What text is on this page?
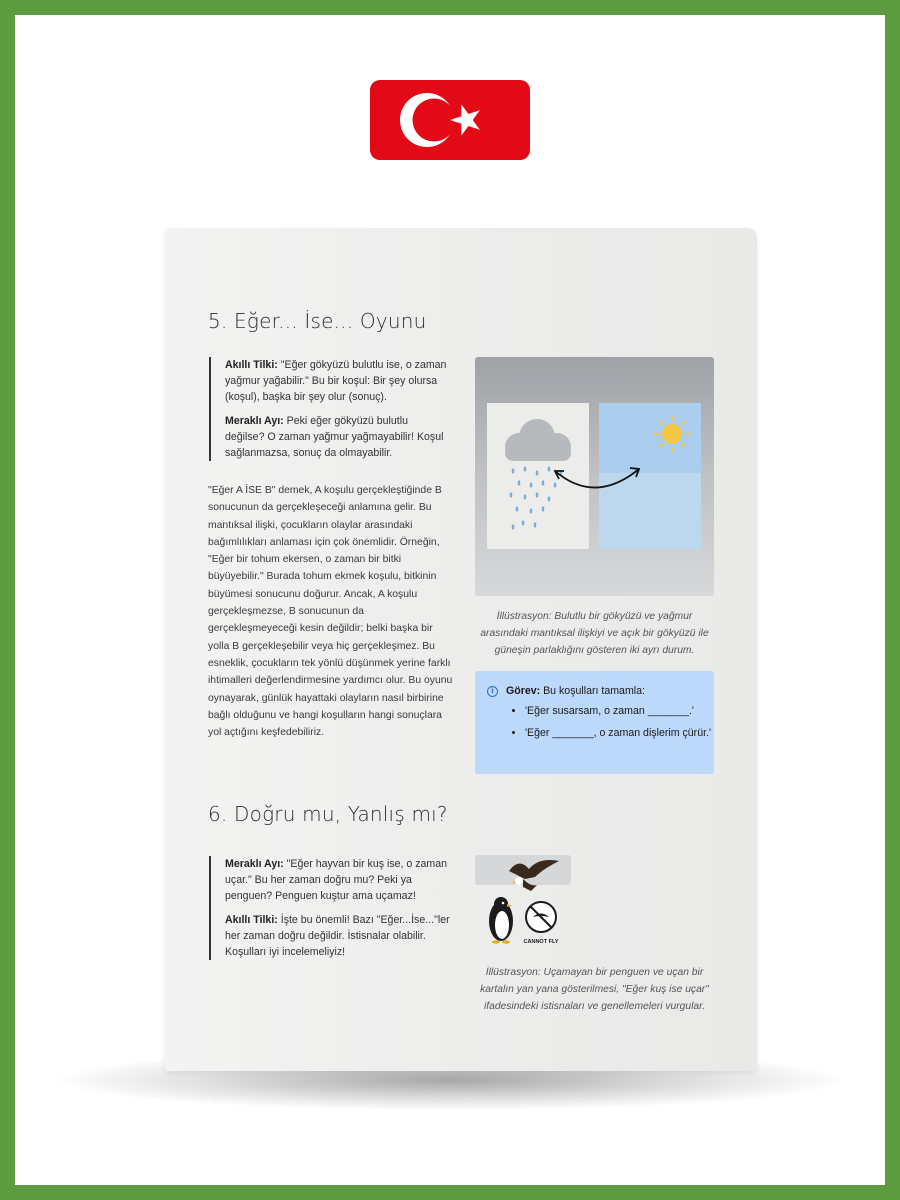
5. Eğer... İse... Oyunu

Akıllı Tilki: "Eğer gökyüzü bulutlu ise, o zaman yağmur yağabilir." Bu bir koşul: Bir şey olursa (koşul), başka bir şey olur (sonuç).

Meraklı Ayı: Peki eğer gökyüzü bulutlu değilse? O zaman yağmur yağmayabilir! Koşul sağlanmazsa, sonuç da olmayabilir.

"Eğer A İSE B" demek, A koşulu gerçekleştiğinde B sonucunun da gerçekleşeceği anlamına gelir. Bu mantıksal ilişki, çocukların olaylar arasındaki bağımlılıkları anlaması için çok önemlidir. Örneğin, "Eğer bir tohum ekersen, o zaman bir bitki büyüyebilir." Burada tohum ekmek koşulu, bitkinin büyümesi sonucunu doğurur. Ancak, A koşulu gerçekleşmezse, B sonucunun da gerçekleşmeyeceği kesin değildir; belki başka bir yolla B gerçekleşebilir veya hiç gerçekleşmez. Bu esneklik, çocukların tek yönlü düşünmek yerine farklı ihtimalleri değerlendirmesine yardımcı olur. Bu oyunu oynayarak, günlük hayattaki olayların nasıl birbirine bağlı olduğunu ve hangi koşulların hangi sonuçlara yol açtığını keşfedebiliriz.

İllüstrasyon: Bulutlu bir gökyüzü ve yağmur arasındaki mantıksal ilişkiyi ve açık bir gökyüzü ile güneşin parlaklığını gösteren iki ayrı durum.

i	Görev: Bu koşulları tamamla:
• 'Eğer susarsam, o zaman _______.'
• 'Eğer _______, o zaman dişlerim çürür.'
6. Doğru mu, Yanlış mı?

Meraklı Ayı: "Eğer hayvan bir kuş ise, o zaman uçar." Bu her zaman doğru mu? Peki ya penguen? Penguen kuştur ama uçamaz!

Akıllı Tilki: İşte bu önemli! Bazı "Eğer...İse..."ler her zaman doğru değildir. İstisnalar olabilir. Koşulları iyi incelemeliyiz!

CANNOT FLY

İllüstrasyon: Uçamayan bir penguen ve uçan bir kartalın yan yana gösterilmesi, "Eğer kuş ise uçar" ifadesindeki istisnaları ve genellemeleri vurgular.
